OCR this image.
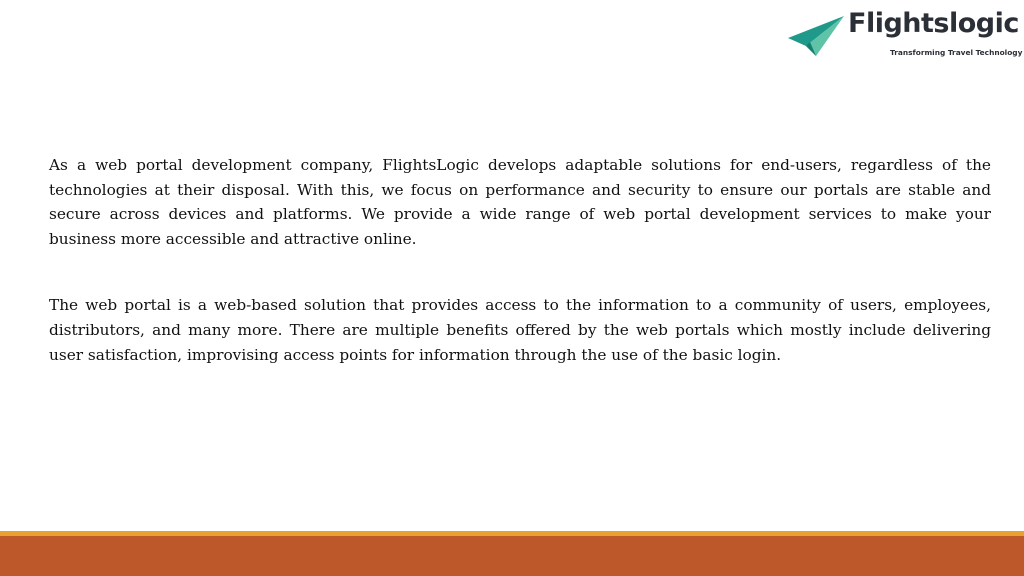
Flightslogic
Transforming Travel Technology

As a web portal development company, FlightsLogic develops adaptable solutions for end-users, regardless of the technologies at their disposal. With this, we focus on performance and security to ensure our portals are stable and secure across devices and platforms. We provide a wide range of web portal development services to make your business more accessible and attractive online.

The web portal is a web-based solution that provides access to the information to a community of users, employees, distributors, and many more. There are multiple benefits offered by the web portals which mostly include delivering user satisfaction, improvising access points for information through the use of the basic login.
